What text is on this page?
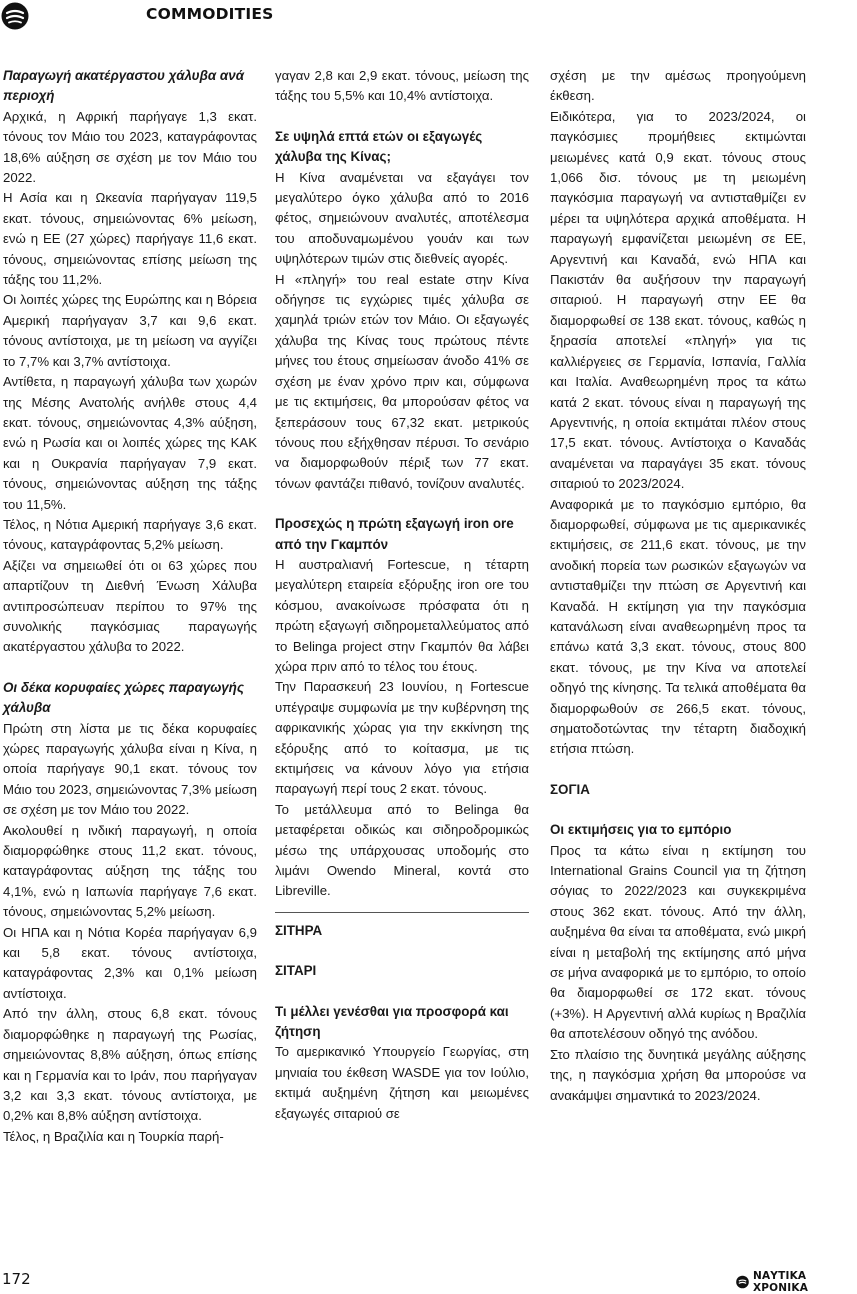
COMMODITIES
Παραγωγή ακατέργαστου χάλυβα ανά περιοχή

Αρχικά, η Αφρική παρήγαγε 1,3 εκατ. τόνους τον Μάιο του 2023, καταγράφοντας 18,6% αύξηση σε σχέση με τον Μάιο του 2022.

Η Ασία και η Ωκεανία παρήγαγαν 119,5 εκατ. τόνους, σημειώνοντας 6% μείωση, ενώ η ΕΕ (27 χώρες) παρήγαγε 11,6 εκατ. τόνους, σημειώνοντας επίσης μείωση της τάξης του 11,2%.

Οι λοιπές χώρες της Ευρώπης και η Βόρεια Αμερική παρήγαγαν 3,7 και 9,6 εκατ. τόνους αντίστοιχα, με τη μείωση να αγγίζει το 7,7% και 3,7% αντίστοιχα.

Αντίθετα, η παραγωγή χάλυβα των χωρών της Μέσης Ανατολής ανήλθε στους 4,4 εκατ. τόνους, σημειώνοντας 4,3% αύξηση, ενώ η Ρωσία και οι λοιπές χώρες της ΚΑΚ και η Ουκρανία παρήγαγαν 7,9 εκατ. τόνους, σημειώνοντας αύξηση της τάξης του 11,5%.

Τέλος, η Νότια Αμερική παρήγαγε 3,6 εκατ. τόνους, καταγράφοντας 5,2% μείωση.

Αξίζει να σημειωθεί ότι οι 63 χώρες που απαρτίζουν τη Διεθνή Ένωση Χάλυβα αντιπροσώπευαν περίπου το 97% της συνολικής παγκόσμιας παραγωγής ακατέργαστου χάλυβα το 2022.

Οι δέκα κορυφαίες χώρες παραγωγής χάλυβα

Πρώτη στη λίστα με τις δέκα κορυφαίες χώρες παραγωγής χάλυβα είναι η Κίνα, η οποία παρήγαγε 90,1 εκατ. τόνους τον Μάιο του 2023, σημειώνοντας 7,3% μείωση σε σχέση με τον Μάιο του 2022.

Ακολουθεί η ινδική παραγωγή, η οποία διαμορφώθηκε στους 11,2 εκατ. τόνους, καταγράφοντας αύξηση της τάξης του 4,1%, ενώ η Ιαπωνία παρήγαγε 7,6 εκατ. τόνους, σημειώνοντας 5,2% μείωση.

Οι ΗΠΑ και η Νότια Κορέα παρήγαγαν 6,9 και 5,8 εκατ. τόνους αντίστοιχα, καταγράφοντας 2,3% και 0,1% μείωση αντίστοιχα.

Από την άλλη, στους 6,8 εκατ. τόνους διαμορφώθηκε η παραγωγή της Ρωσίας, σημειώνοντας 8,8% αύξηση, όπως επίσης και η Γερμανία και το Ιράν, που παρήγαγαν 3,2 και 3,3 εκατ. τόνους αντίστοιχα, με 0,2% και 8,8% αύξηση αντίστοιχα.

Τέλος, η Βραζιλία και η Τουρκία παρή-

γαγαν 2,8 και 2,9 εκατ. τόνους, μείωση της τάξης του 5,5% και 10,4% αντίστοιχα.

Σε υψηλά επτά ετών οι εξαγωγές χάλυβα της Κίνας;

Η Κίνα αναμένεται να εξαγάγει τον μεγαλύτερο όγκο χάλυβα από το 2016 φέτος, σημειώνουν αναλυτές, αποτέλεσμα του αποδυναμωμένου γουάν και των υψηλότερων τιμών στις διεθνείς αγορές.

Η «πληγή» του real estate στην Κίνα οδήγησε τις εγχώριες τιμές χάλυβα σε χαμηλά τριών ετών τον Μάιο. Οι εξαγωγές χάλυβα της Κίνας τους πρώτους πέντε μήνες του έτους σημείωσαν άνοδο 41% σε σχέση με έναν χρόνο πριν και, σύμφωνα με τις εκτιμήσεις, θα μπορούσαν φέτος να ξεπεράσουν τους 67,32 εκατ. μετρικούς τόνους που εξήχθησαν πέρυσι. Το σενάριο να διαμορφωθούν πέριξ των 77 εκατ. τόνων φαντάζει πιθανό, τονίζουν αναλυτές.

Προσεχώς η πρώτη εξαγωγή iron ore από την Γκαμπόν

Η αυστραλιανή Fortescue, η τέταρτη μεγαλύτερη εταιρεία εξόρυξης iron ore του κόσμου, ανακοίνωσε πρόσφατα ότι η πρώτη εξαγωγή σιδηρομεταλλεύματος από το Belinga project στην Γκαμπόν θα λάβει χώρα πριν από το τέλος του έτους.

Την Παρασκευή 23 Ιουνίου, η Fortescue υπέγραψε συμφωνία με την κυβέρνηση της αφρικανικής χώρας για την εκκίνηση της εξόρυξης από το κοίτασμα, με τις εκτιμήσεις να κάνουν λόγο για ετήσια παραγωγή περί τους 2 εκατ. τόνους.

Το μετάλλευμα από το Belinga θα μεταφέρεται οδικώς και σιδηροδρομικώς μέσω της υπάρχουσας υποδομής στο λιμάνι Owendo Mineral, κοντά στο Libreville.

ΣΙΤΗΡΑ

ΣΙΤΑΡΙ

Τι μέλλει γενέσθαι για προσφορά και ζήτηση

Το αμερικανικό Υπουργείο Γεωργίας, στη μηνιαία του έκθεση WASDE για τον Ιούλιο, εκτιμά αυξημένη ζήτηση και μειωμένες εξαγωγές σιταριού σε

σχέση με την αμέσως προηγούμενη έκθεση.

Ειδικότερα, για το 2023/2024, οι παγκόσμιες προμήθειες εκτιμώνται μειωμένες κατά 0,9 εκατ. τόνους στους 1,066 δισ. τόνους με τη μειωμένη παγκόσμια παραγωγή να αντισταθμίζει εν μέρει τα υψηλότερα αρχικά αποθέματα. Η παραγωγή εμφανίζεται μειωμένη σε ΕΕ, Αργεντινή και Καναδά, ενώ ΗΠΑ και Πακιστάν θα αυξήσουν την παραγωγή σιταριού. Η παραγωγή στην ΕΕ θα διαμορφωθεί σε 138 εκατ. τόνους, καθώς η ξηρασία αποτελεί «πληγή» για τις καλλιέργειες σε Γερμανία, Ισπανία, Γαλλία και Ιταλία. Αναθεωρημένη προς τα κάτω κατά 2 εκατ. τόνους είναι η παραγωγή της Αργεντινής, η οποία εκτιμάται πλέον στους 17,5 εκατ. τόνους. Αντίστοιχα ο Καναδάς αναμένεται να παραγάγει 35 εκατ. τόνους σιταριού το 2023/2024.

Αναφορικά με το παγκόσμιο εμπόριο, θα διαμορφωθεί, σύμφωνα με τις αμερικανικές εκτιμήσεις, σε 211,6 εκατ. τόνους, με την ανοδική πορεία των ρωσικών εξαγωγών να αντισταθμίζει την πτώση σε Αργεντινή και Καναδά. Η εκτίμηση για την παγκόσμια κατανάλωση είναι αναθεωρημένη προς τα επάνω κατά 3,3 εκατ. τόνους, στους 800 εκατ. τόνους, με την Κίνα να αποτελεί οδηγό της κίνησης. Τα τελικά αποθέματα θα διαμορφωθούν σε 266,5 εκατ. τόνους, σηματοδοτώντας την τέταρτη διαδοχική ετήσια πτώση.

ΣΟΓΙΑ

Οι εκτιμήσεις για το εμπόριο

Προς τα κάτω είναι η εκτίμηση του International Grains Council για τη ζήτηση σόγιας το 2022/2023 και συγκεκριμένα στους 362 εκατ. τόνους. Από την άλλη, αυξημένα θα είναι τα αποθέματα, ενώ μικρή είναι η μεταβολή της εκτίμησης από μήνα σε μήνα αναφορικά με το εμπόριο, το οποίο θα διαμορφωθεί σε 172 εκατ. τόνους (+3%). Η Αργεντινή αλλά κυρίως η Βραζιλία θα αποτελέσουν οδηγό της ανόδου.

Στο πλαίσιο της δυνητικά μεγάλης αύξησης της, η παγκόσμια χρήση θα μπορούσε να ανακάμψει σημαντικά το 2023/2024.

172	ΝΑΥΤΙΚΑ ΧΡΟΝΙΚΑ
